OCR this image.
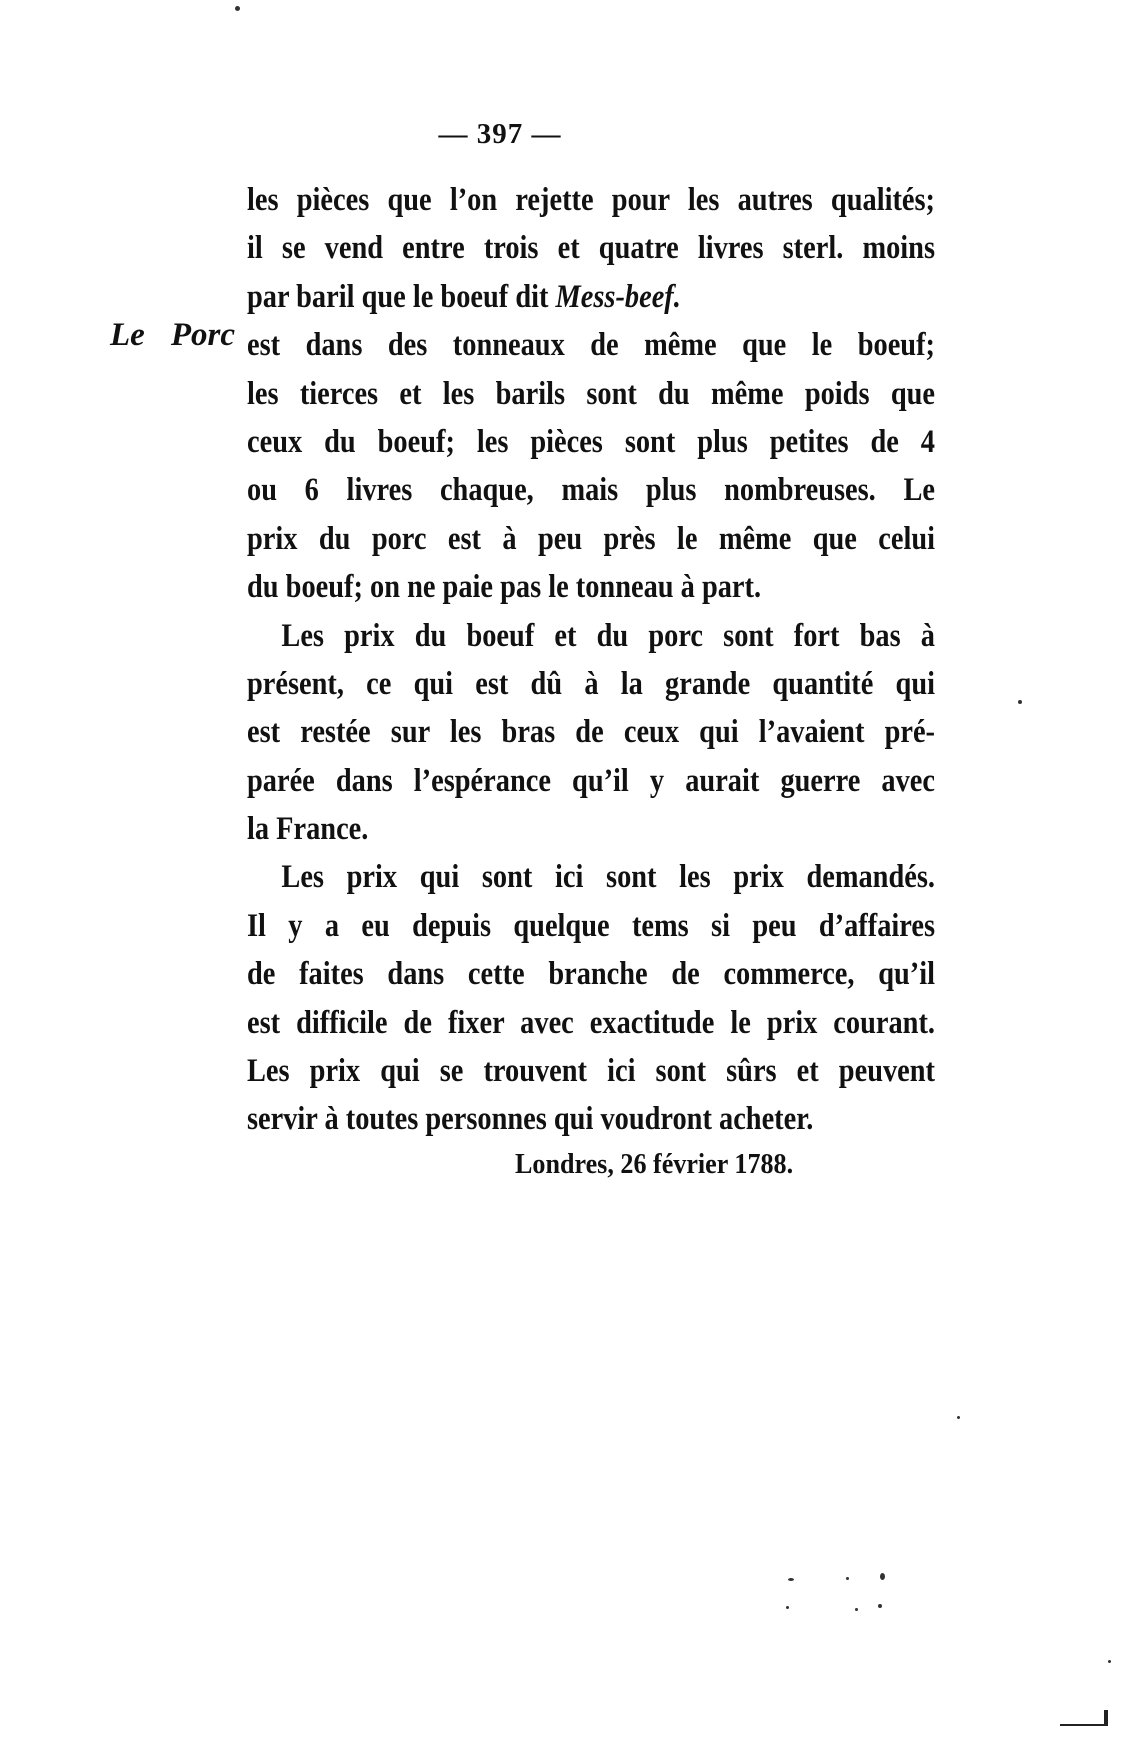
— 397 —
Le Porc
les pièces que l’on rejette pour les autres qualités;
il se vend entre trois et quatre livres sterl. moins
par baril que le boeuf dit Mess-beef.
est dans des tonneaux de même que le boeuf;
les tierces et les barils sont du même poids que
ceux du boeuf; les pièces sont plus petites de 4
ou 6 livres chaque, mais plus nombreuses. Le
prix du porc est à peu près le même que celui
du boeuf; on ne paie pas le tonneau à part.
Les prix du boeuf et du porc sont fort bas à
présent, ce qui est dû à la grande quantité qui
est restée sur les bras de ceux qui l’avaient pré-
parée dans l’espérance qu’il y aurait guerre avec
la France.
Les prix qui sont ici sont les prix demandés.
Il y a eu depuis quelque tems si peu d’affaires
de faites dans cette branche de commerce, qu’il
est difficile de fixer avec exactitude le prix courant.
Les prix qui se trouvent ici sont sûrs et peuvent
servir à toutes personnes qui voudront acheter.
Londres, 26 février 1788.
